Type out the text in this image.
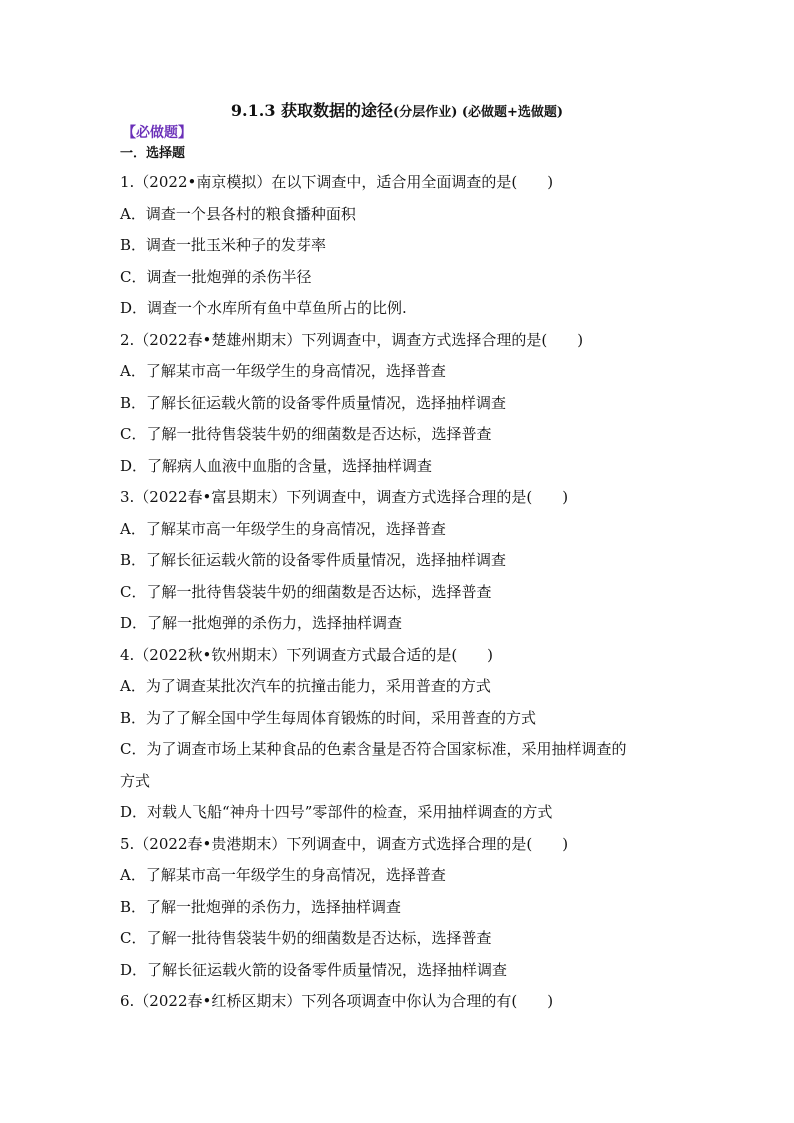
9.1.3 获取数据的途径(分层作业) (必做题+选做题)
【必做题】
一．选择题
1.（2022•南京模拟）在以下调查中，适合用全面调查的是(　　)
A．调查一个县各村的粮食播种面积
B．调查一批玉米种子的发芽率
C．调查一批炮弹的杀伤半径
D．调查一个水库所有鱼中草鱼所占的比例.
2.（2022春•楚雄州期末）下列调查中，调查方式选择合理的是(　　)
A．了解某市高一年级学生的身高情况，选择普查
B．了解长征运载火箭的设备零件质量情况，选择抽样调查
C．了解一批待售袋装牛奶的细菌数是否达标，选择普查
D．了解病人血液中血脂的含量，选择抽样调查
3.（2022春•富县期末）下列调查中，调查方式选择合理的是(　　)
A．了解某市高一年级学生的身高情况，选择普查
B．了解长征运载火箭的设备零件质量情况，选择抽样调查
C．了解一批待售袋装牛奶的细菌数是否达标，选择普查
D．了解一批炮弹的杀伤力，选择抽样调查
4.（2022秋•钦州期末）下列调查方式最合适的是(　　)
A．为了调查某批次汽车的抗撞击能力，采用普查的方式
B．为了了解全国中学生每周体育锻炼的时间，采用普查的方式
C．为了调查市场上某种食品的色素含量是否符合国家标准，采用抽样调查的
方式
D．对载人飞船“神舟十四号”零部件的检查，采用抽样调查的方式
5.（2022春•贵港期末）下列调查中，调查方式选择合理的是(　　)
A．了解某市高一年级学生的身高情况，选择普查
B．了解一批炮弹的杀伤力，选择抽样调查
C．了解一批待售袋装牛奶的细菌数是否达标，选择普查
D．了解长征运载火箭的设备零件质量情况，选择抽样调查
6.（2022春•红桥区期末）下列各项调查中你认为合理的有(　　)
